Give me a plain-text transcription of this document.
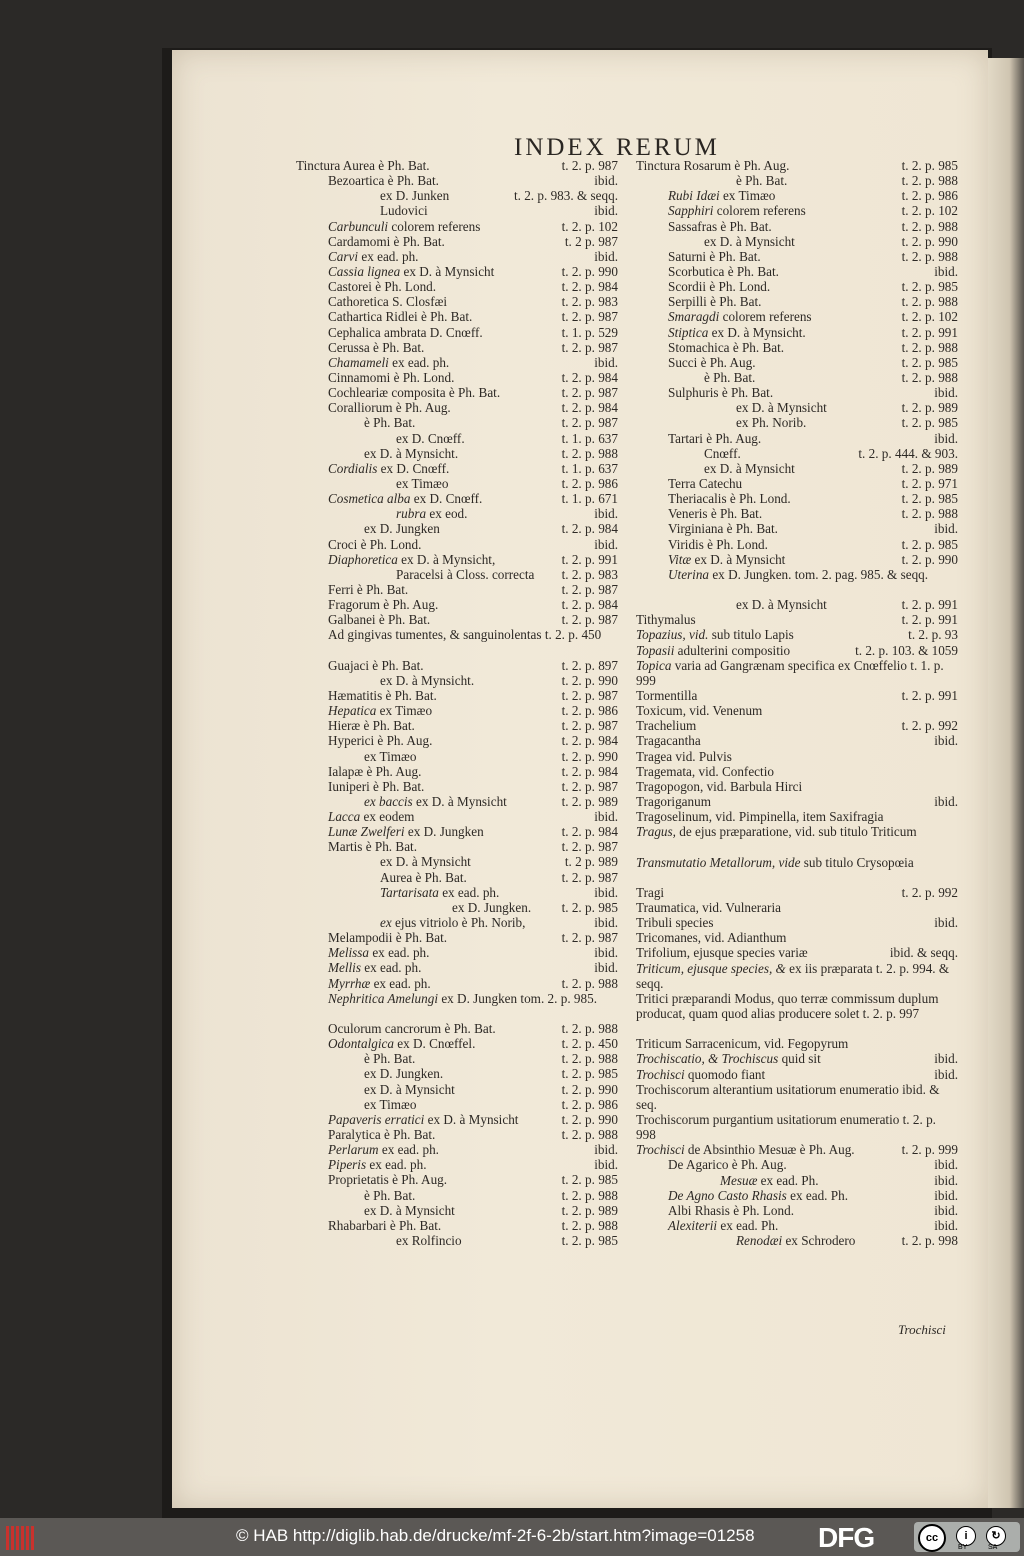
INDEX RERUM
Tinctura Aurea è Ph. Bat.	t. 2. p. 987
Bezoartica è Ph. Bat.	ibid.
ex D. Junken	t. 2. p. 983. & seqq.
Ludovici	ibid.
Carbunculi colorem referens	t. 2. p. 102
Cardamomi è Ph. Bat.	t. 2 p. 987
Carvi ex ead. ph.	ibid.
Cassia lignea ex D. à Mynsicht	t. 2. p. 990
Castorei è Ph. Lond.	t. 2. p. 984
Cathoretica S. Closfæi	t. 2. p. 983
Cathartica Ridlei è Ph. Bat.	t. 2. p. 987
Cephalica ambrata D. Cnœff.	t. 1. p. 529
Cerussa è Ph. Bat.	t. 2. p. 987
Chamameli ex ead. ph.	ibid.
Cinnamomi è Ph. Lond.	t. 2. p. 984
Cochleariæ composita è Ph. Bat.	t. 2. p. 987
Coralliorum è Ph. Aug.	t. 2. p. 984
è Ph. Bat.	t. 2. p. 987
ex D. Cnœff.	t. 1. p. 637
ex D. à Mynsicht.	t. 2. p. 988
Cordialis ex D. Cnœff.	t. 1. p. 637
ex Timæo	t. 2. p. 986
Cosmetica alba ex D. Cnœff.	t. 1. p. 671
rubra ex eod.	ibid.
ex D. Jungken	t. 2. p. 984
Croci è Ph. Lond.	ibid.
Diaphoretica ex D. à Mynsicht,	t. 2. p. 991
Paracelsi à Closs. correcta t. 2. p. 983
Ferri è Ph. Bat.	t. 2. p. 987
Fragorum è Ph. Aug.	t. 2. p. 984
Galbanei è Ph. Bat.	t. 2. p. 987
Ad gingivas tumentes, & sanguinolentas t. 2. p. 450
Guajaci è Ph. Bat.	t. 2. p. 897
ex D. à Mynsicht.	t. 2. p. 990
Hæmatitis è Ph. Bat.	t. 2. p. 987
Hepatica ex Timæo	t. 2. p. 986
Hieræ è Ph. Bat.	t. 2. p. 987
Hyperici è Ph. Aug.	t. 2. p. 984
ex Timæo	t. 2. p. 990
Ialapæ è Ph. Aug.	t. 2. p. 984
Iuniperi è Ph. Bat.	t. 2. p. 987
ex baccis ex D. à Mynsicht	t. 2. p. 989
Lacca ex eodem	ibid.
Lunæ Zwelferi ex D. Jungken	t. 2. p. 984
Martis è Ph. Bat.	t. 2. p. 987
ex D. à Mynsicht	t. 2 p. 989
Aurea è Ph. Bat.	t. 2. p. 987
Tartarisata ex ead. ph.	ibid.
ex D. Jungken. t. 2. p. 985
ex ejus vitriolo è Ph. Norib,	ibid.
Melampodii è Ph. Bat.	t. 2. p. 987
Melissa ex ead. ph.	ibid.
Mellis ex ead. ph.	ibid.
Myrrhæ ex ead. ph.	t. 2. p. 988
Nephritica Amelungi ex D. Jungken tom. 2. p. 985.
Oculorum cancrorum è Ph. Bat.	t. 2. p. 988
Odontalgica ex D. Cnœffel.	t. 2. p. 450
è Ph. Bat.	t. 2. p. 988
ex D. Jungken.	t. 2. p. 985
ex D. à Mynsicht	t. 2. p. 990
ex Timæo	t. 2. p. 986
Papaveris erratici ex D. à Mynsicht	t. 2. p. 990
Paralytica è Ph. Bat.	t. 2. p. 988
Perlarum ex ead. ph.	ibid.
Piperis ex ead. ph.	ibid.
Proprietatis è Ph. Aug.	t. 2. p. 985
è Ph. Bat.	t. 2. p. 988
ex D. à Mynsicht	t. 2. p. 989
Rhabarbari è Ph. Bat.	t. 2. p. 988
ex Rolfincio	t. 2. p. 985
Tinctura Rosarum è Ph. Aug.	t. 2. p. 985
è Ph. Bat.	t. 2. p. 988
Rubi Idæi ex Timæo	t. 2. p. 986
Sapphiri colorem referens	t. 2. p. 102
Sassafras è Ph. Bat.	t. 2. p. 988
ex D. à Mynsicht	t. 2. p. 990
Saturni è Ph. Bat.	t. 2. p. 988
Scorbutica è Ph. Bat.	ibid.
Scordii è Ph. Lond.	t. 2. p. 985
Serpilli è Ph. Bat.	t. 2. p. 988
Smaragdi colorem referens	t. 2. p. 102
Stiptica ex D. à Mynsicht.	t. 2. p. 991
Stomachica è Ph. Bat.	t. 2. p. 988
Succi è Ph. Aug.	t. 2. p. 985
è Ph. Bat.	t. 2. p. 988
Sulphuris è Ph. Bat.	ibid.
ex D. à Mynsicht	t. 2. p. 989
ex Ph. Norib.	t. 2. p. 985
Tartari è Ph. Aug.	ibid.
Cnœff.	t. 2. p. 444. & 903.
ex D. à Mynsicht	t. 2. p. 989
Terra Catechu	t. 2. p. 971
Theriacalis è Ph. Lond.	t. 2. p. 985
Veneris è Ph. Bat.	t. 2. p. 988
Virginiana è Ph. Bat.	ibid.
Viridis è Ph. Lond.	t. 2. p. 985
Vitæ ex D. à Mynsicht	t. 2. p. 990
Uterina ex D. Jungken. tom. 2. pag. 985. & seqq.
ex D. à Mynsicht	t. 2. p. 991
Tithymalus	t. 2. p. 991
Topazius, vid. sub titulo Lapis	t. 2. p. 93
Topasii adulterini compositio	t. 2. p. 103. & 1059
Topica varia ad Gangrænam specifica ex Cnœffelio t. 1. p. 999
Tormentilla	t. 2. p. 991
Toxicum, vid. Venenum
Trachelium	t. 2. p. 992
Tragacantha	ibid.
Tragea vid. Pulvis
Tragemata, vid. Confectio
Tragopogon, vid. Barbula Hirci
Tragoriganum	ibid.
Tragoselinum, vid. Pimpinella, item Saxifragia
Tragus, de ejus præparatione, vid. sub titulo Triticum
Transmutatio Metallorum, vide sub titulo Crysopœia
Tragi	t. 2. p. 992
Traumatica, vid. Vulneraria
Tribuli species	ibid.
Tricomanes, vid. Adianthum
Trifolium, ejusque species variæ	ibid. & seqq.
Triticum, ejusque species, & ex iis præparata t. 2. p. 994. & seqq.
Tritici præparandi Modus, quo terræ commissum duplum producat, quam quod alias producere solet t. 2. p. 997
Triticum Sarracenicum, vid. Fegopyrum
Trochiscatio, & Trochiscus quid sit	ibid.
Trochisci quomodo fiant	ibid.
Trochiscorum alterantium usitatiorum enumeratio ibid. & seq.
Trochiscorum purgantium usitatiorum enumeratio t. 2. p. 998
Trochisci de Absinthio Mesuæ è Ph. Aug.	t. 2. p. 999
De Agarico è Ph. Aug.	ibid.
Mesuæ ex ead. Ph.	ibid.
De Agno Casto Rhasis ex ead. Ph.	ibid.
Albi Rhasis è Ph. Lond.	ibid.
Alexiterii ex ead. Ph.	ibid.
Renodæi ex Schrodero	t. 2. p. 998
Trochisci
© HAB http://diglib.hab.de/drucke/mf-2f-6-2b/start.htm?image=01258 DFG	cc	i	↻
BY	SA
